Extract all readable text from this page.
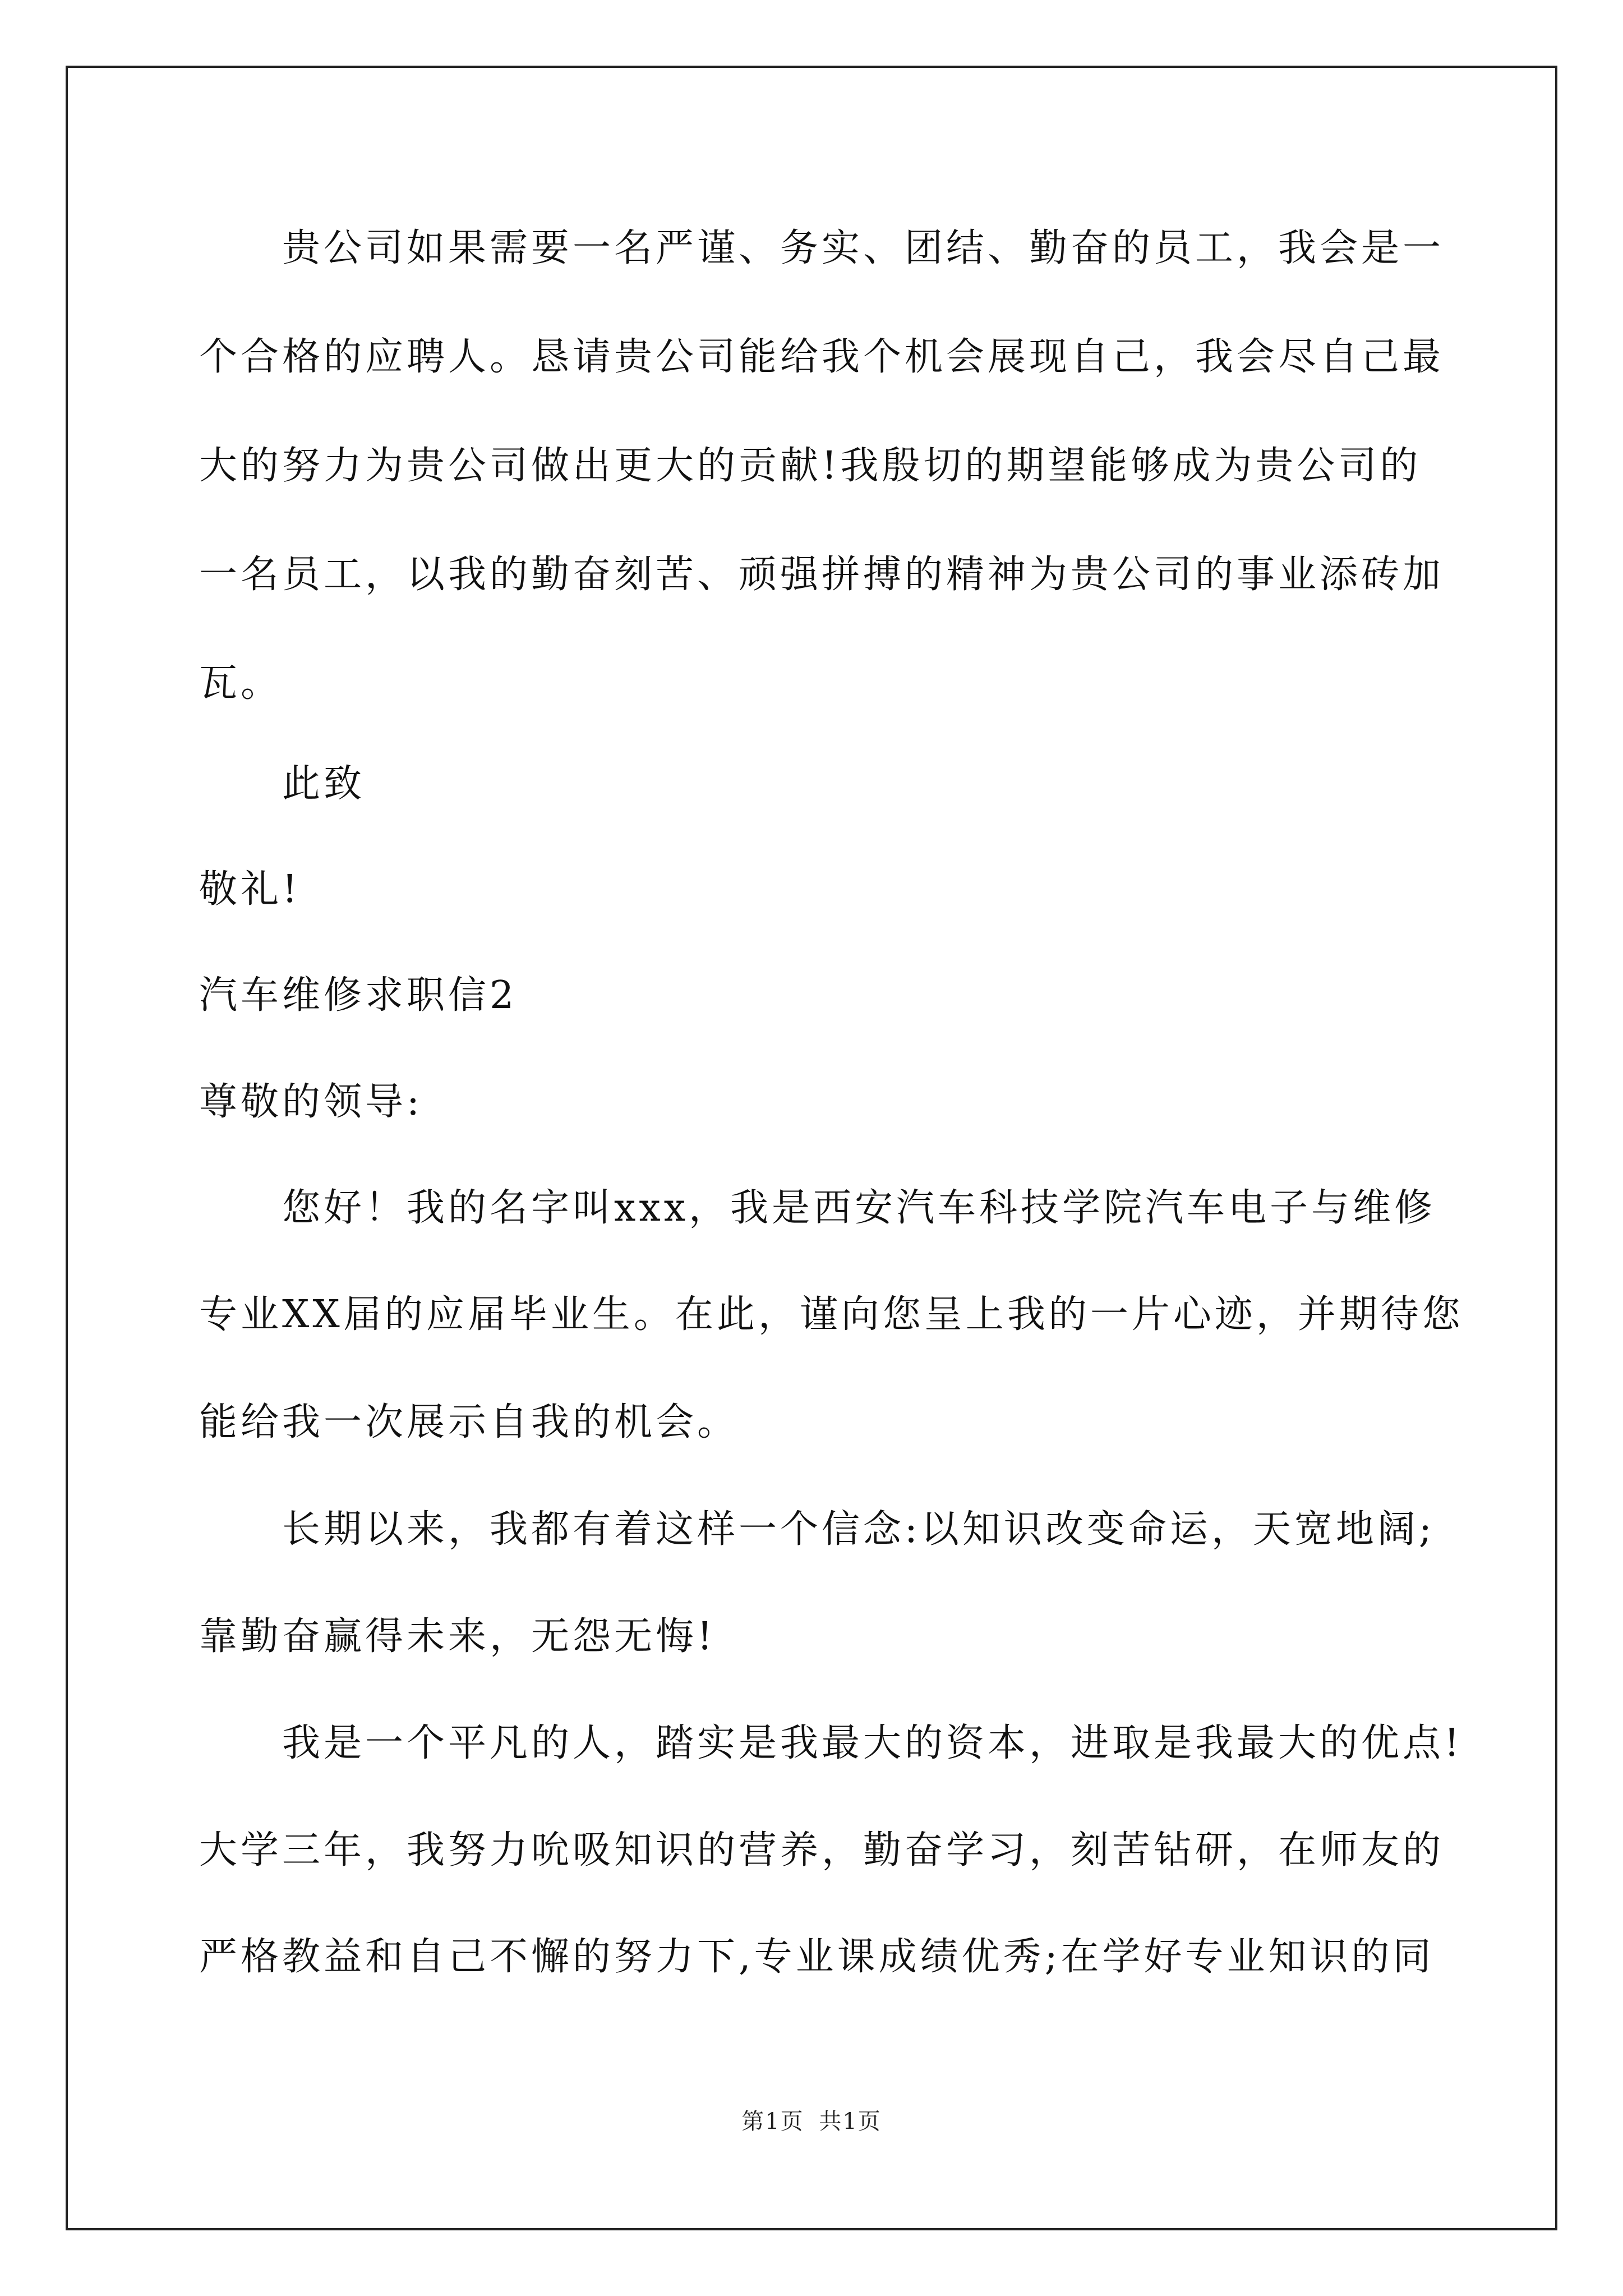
贵公司如果需要一名严谨、务实、团结、勤奋的员工，我会是一
个合格的应聘人。恳请贵公司能给我个机会展现自己，我会尽自己最
大的努力为贵公司做出更大的贡献!我殷切的期望能够成为贵公司的
一名员工，以我的勤奋刻苦、顽强拼搏的精神为贵公司的事业添砖加
瓦。
此致
敬礼!
汽车维修求职信2
尊敬的领导:
您好！我的名字叫xxx，我是西安汽车科技学院汽车电子与维修
专业XX届的应届毕业生。在此，谨向您呈上我的一片心迹，并期待您
能给我一次展示自我的机会。
长期以来，我都有着这样一个信念:以知识改变命运，天宽地阔;
靠勤奋赢得未来，无怨无悔!
我是一个平凡的人，踏实是我最大的资本，进取是我最大的优点!
大学三年，我努力吮吸知识的营养，勤奋学习，刻苦钻研，在师友的
严格教益和自己不懈的努力下,专业课成绩优秀;在学好专业知识的同
第1页 共1页
